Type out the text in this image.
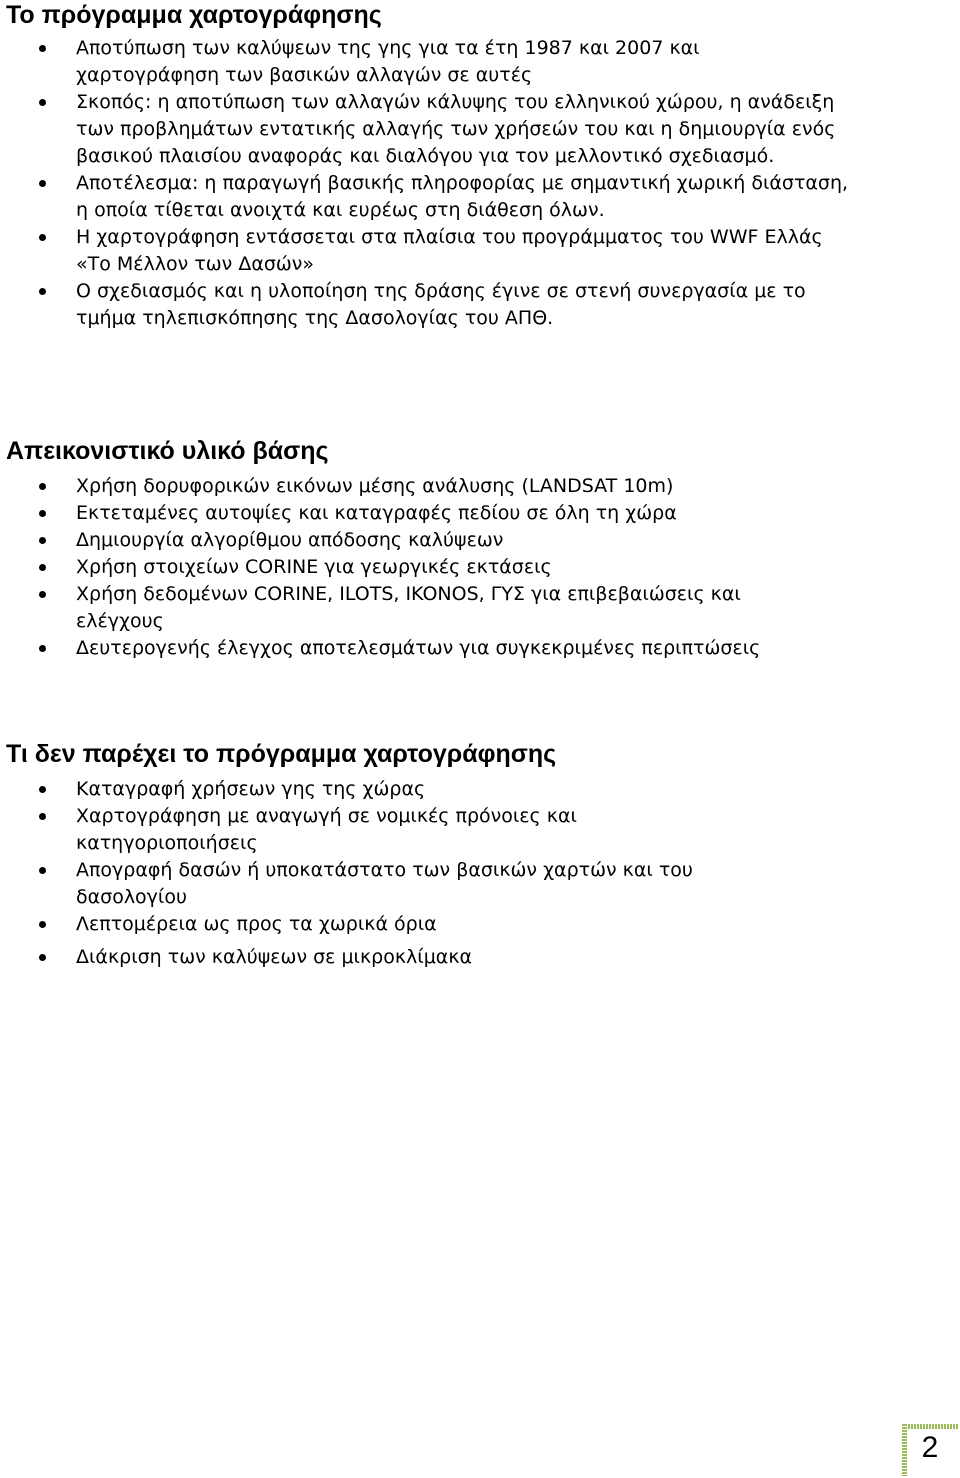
Το πρόγραμμα χαρτογράφησης
Αποτύπωση των καλύψεων της γης για τα έτη 1987 και 2007 και χαρτογράφηση των βασικών αλλαγών σε αυτές
Σκοπός: η αποτύπωση των αλλαγών κάλυψης του ελληνικού χώρου, η ανάδειξη των προβλημάτων εντατικής αλλαγής των χρήσεών του και η δημιουργία ενός βασικού πλαισίου αναφοράς και διαλόγου για τον μελλοντικό σχεδιασμό.
Αποτέλεσμα: η παραγωγή βασικής πληροφορίας με σημαντική χωρική διάσταση, η οποία τίθεται ανοιχτά και ευρέως στη διάθεση όλων.
Η χαρτογράφηση εντάσσεται στα πλαίσια του προγράμματος του WWF Ελλάς «Το Μέλλον των Δασών»
Ο σχεδιασμός και η υλοποίηση της δράσης έγινε σε στενή συνεργασία με το τμήμα τηλεπισκόπησης της Δασολογίας του ΑΠΘ.
Απεικονιστικό υλικό βάσης
Χρήση δορυφορικών εικόνων μέσης ανάλυσης (LANDSAT 10m)
Εκτεταμένες αυτοψίες και καταγραφές πεδίου σε όλη τη χώρα
Δημιουργία αλγορίθμου απόδοσης καλύψεων
Χρήση στοιχείων CORINE για γεωργικές εκτάσεις
Χρήση δεδομένων CORINE, ILOTS, IKONOS, ΓΥΣ για επιβεβαιώσεις και ελέγχους
Δευτερογενής έλεγχος αποτελεσμάτων για συγκεκριμένες περιπτώσεις
Τι δεν παρέχει το πρόγραμμα χαρτογράφησης
Καταγραφή χρήσεων γης της χώρας
Χαρτογράφηση με αναγωγή σε νομικές πρόνοιες και κατηγοριοποιήσεις
Απογραφή δασών ή υποκατάστατο των βασικών χαρτών και του δασολογίου
Λεπτομέρεια ως προς τα χωρικά όρια
Διάκριση των καλύψεων σε μικροκλίμακα
2
